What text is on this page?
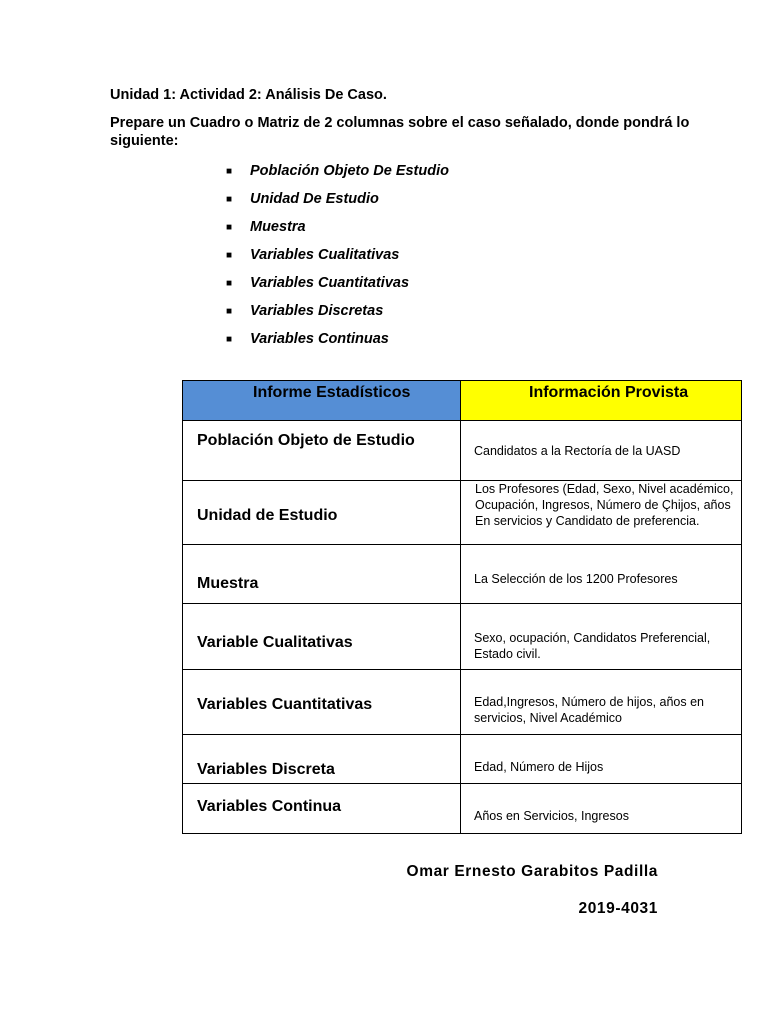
Unidad 1: Actividad 2: Análisis De Caso.
Prepare un Cuadro o Matriz de 2 columnas sobre el caso señalado, donde pondrá lo siguiente:
■	Población Objeto De Estudio
■	Unidad De Estudio
■	Muestra
■	Variables Cualitativas
■	Variables Cuantitativas
■	Variables Discretas
■	Variables Continuas
Informe Estadísticos	Información Provista
Población Objeto de Estudio	Candidatos a la Rectoría de la UASD
Unidad de Estudio	Los Profesores (Edad, Sexo, Nivel académico, Ocupación, Ingresos, Número de Çhijos, años En servicios y Candidato de preferencia.
Muestra	La Selección de los 1200 Profesores
Variable Cualitativas	Sexo, ocupación, Candidatos Preferencial, Estado civil.
Variables Cuantitativas	Edad,Ingresos, Número de hijos, años en servicios, Nivel Académico
Variables Discreta	Edad, Número de Hijos
Variables Continua	Años en Servicios, Ingresos
Omar Ernesto Garabitos Padilla
2019-4031
